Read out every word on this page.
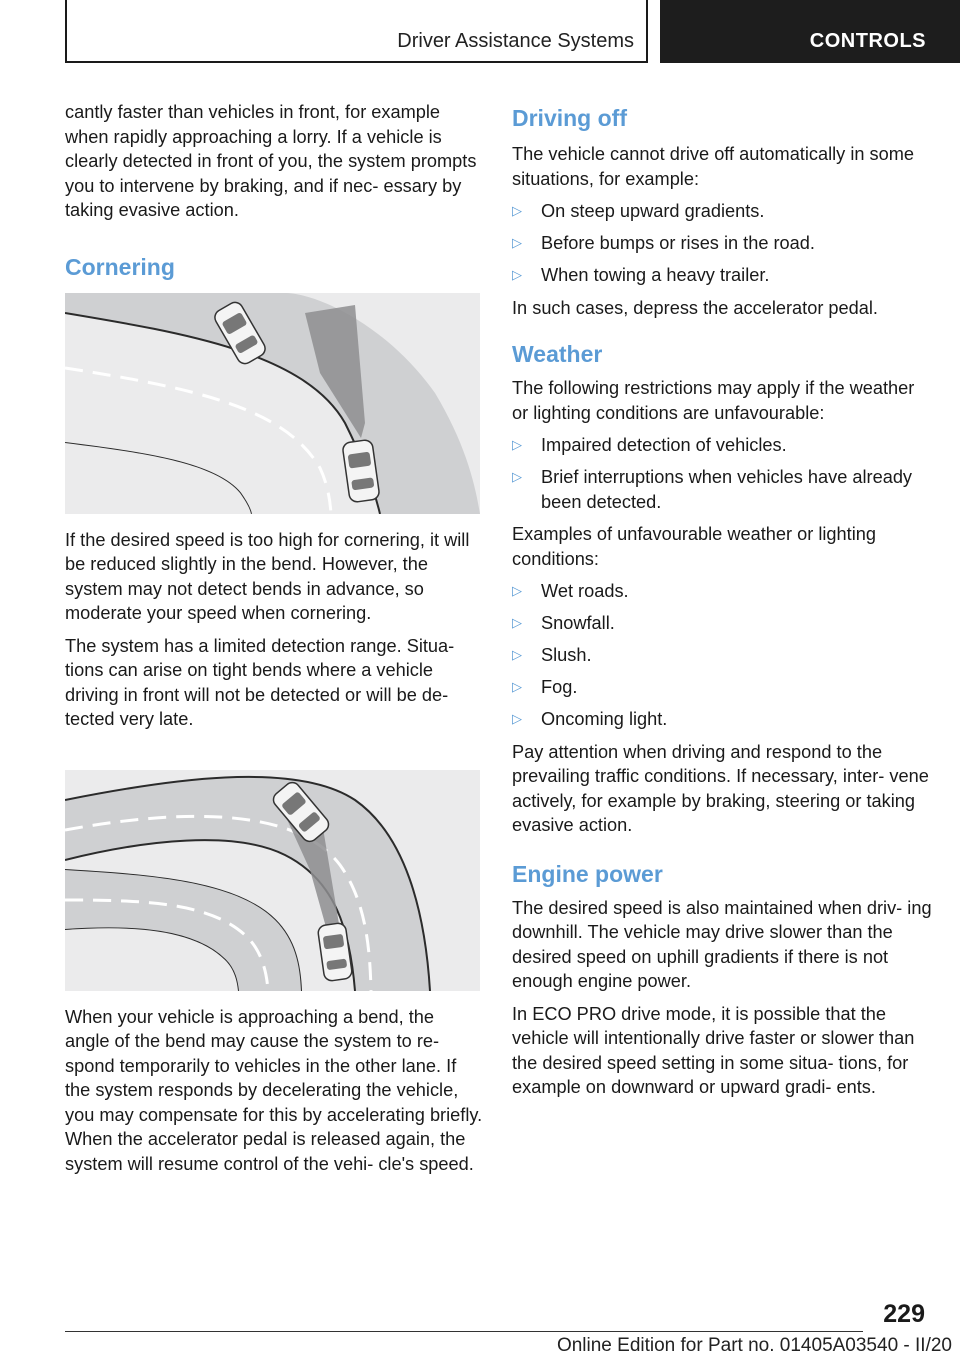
Driver Assistance Systems	CONTROLS

cantly faster than vehicles in front, for example when rapidly approaching a lorry. If a vehicle is clearly detected in front of you, the system prompts you to intervene by braking, and if nec‐ essary by taking evasive action.

Cornering

If the desired speed is too high for cornering, it will be reduced slightly in the bend. However, the system may not detect bends in advance, so moderate your speed when cornering.

The system has a limited detection range. Situa‐ tions can arise on tight bends where a vehicle driving in front will not be detected or will be de‐ tected very late.

When your vehicle is approaching a bend, the angle of the bend may cause the system to re‐ spond temporarily to vehicles in the other lane. If the system responds by decelerating the vehicle, you may compensate for this by accelerating briefly. When the accelerator pedal is released again, the system will resume control of the vehi‐ cle's speed.

Driving off

The vehicle cannot drive off automatically in some situations, for example:

▷ On steep upward gradients.
▷ Before bumps or rises in the road.
▷ When towing a heavy trailer.

In such cases, depress the accelerator pedal.

Weather

The following restrictions may apply if the weather or lighting conditions are unfavourable:

▷ Impaired detection of vehicles.
▷ Brief interruptions when vehicles have already been detected.

Examples of unfavourable weather or lighting conditions:

▷ Wet roads.
▷ Snowfall.
▷ Slush.
▷ Fog.
▷ Oncoming light.

Pay attention when driving and respond to the prevailing traffic conditions. If necessary, inter‐ vene actively, for example by braking, steering or taking evasive action.

Engine power

The desired speed is also maintained when driv‐ ing downhill. The vehicle may drive slower than the desired speed on uphill gradients if there is not enough engine power.

In ECO PRO drive mode, it is possible that the vehicle will intentionally drive faster or slower than the desired speed setting in some situa‐ tions, for example on downward or upward gradi‐ ents.

229
Online Edition for Part no. 01405A03540 - II/20
